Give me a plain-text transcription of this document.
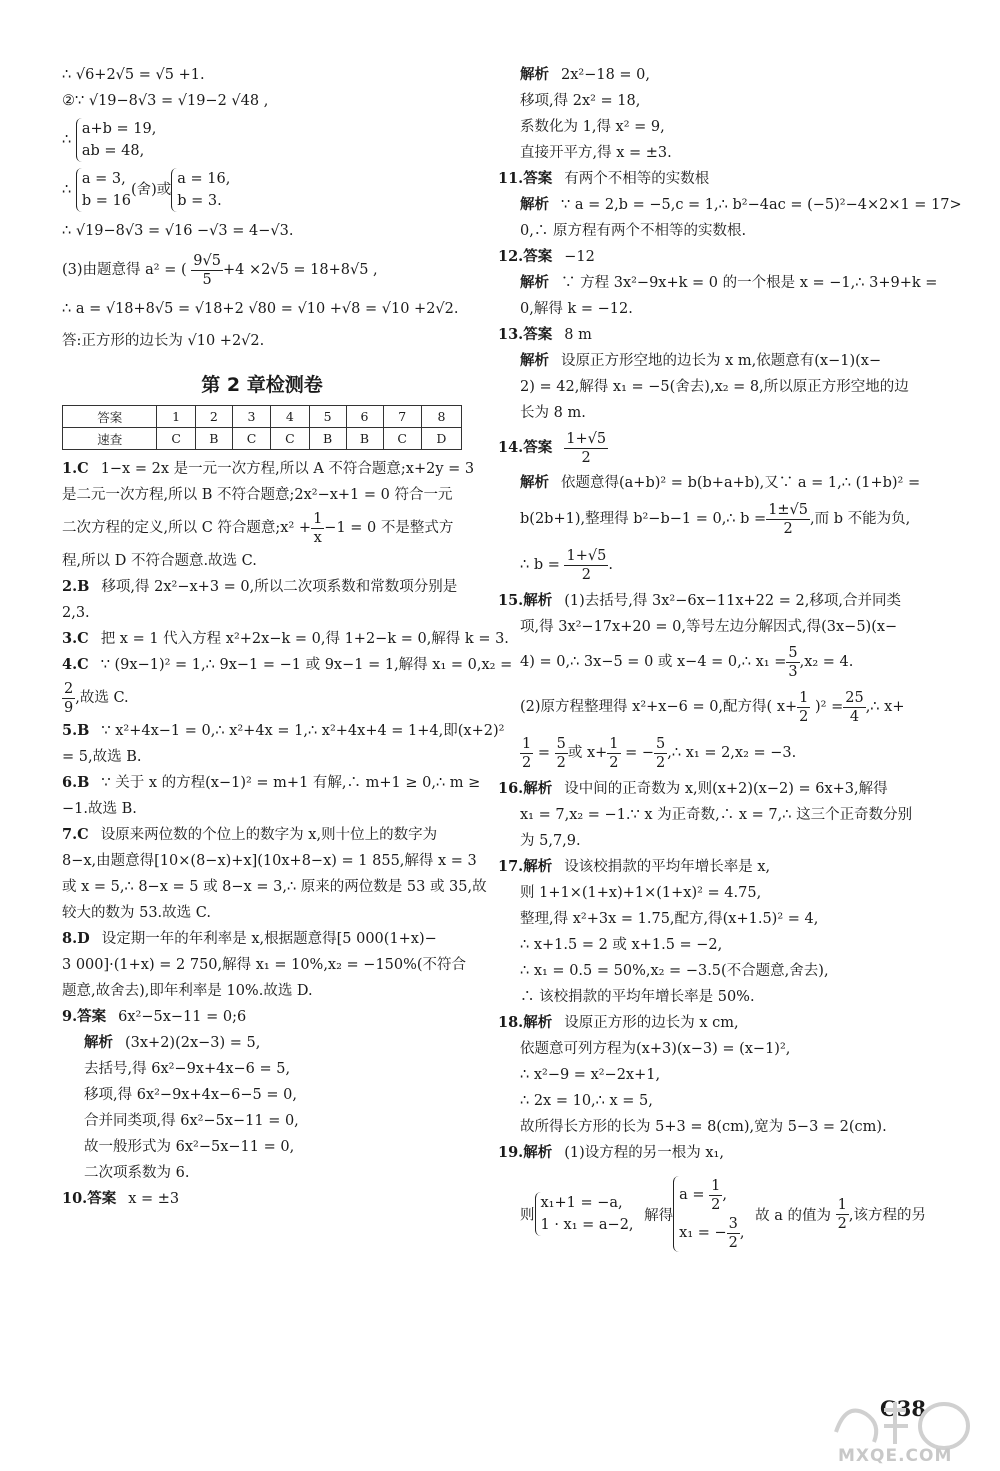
∴ √6+2√5 = √5 +1.
②∵ √19−8√3 = √19−2 √48 ,
∴ a+b = 19,
ab = 48,
∴ a = 3,
b = 16(舍)或a = 16,
b = 3.
∴ √19−8√3 = √16 −√3 = 4−√3.
(3)由题意得 a² = ( $\frac{9√5}{5} +4 \times 2√5 = 18+8√5$ ,
∴ a = √18+8√5 = √18+2 √80 = √10 +√8 = √10 +2√2.
答:正方形的边长为 √10 +2√2.
第 2 章检测卷
答案	1	2	3	4	5	6	7	8
速查	C	B	C	C	B	B	C	D
1.C 1−x = 2x 是一元一次方程,所以 A 不符合题意;x+2y = 3
是二元一次方程,所以 B 不符合题意;2x²−x+1 = 0 符合一元
二次方程的定义,所以 C 符合题意;x² + $\frac{1}{x} -1 = 0$ 不是整式方
程,所以 D 不符合题意.故选 C.
2.B 移项,得 2x²−x+3 = 0,所以二次项系数和常数项分别是
2,3.
3.C 把 x = 1 代入方程 x²+2x−k = 0,得 1+2−k = 0,解得 k = 3.
4.C ∵ (9x−1)² = 1,∴ 9x−1 = −1 或 9x−1 = 1,解得 x₁ = 0,x₂ =
$\frac{2}{9}$ ,故选 C.
5.B ∵ x²+4x−1 = 0,∴ x²+4x = 1,∴ x²+4x+4 = 1+4,即(x+2)²
= 5,故选 B.
6.B ∵ 关于 x 的方程(x−1)² = m+1 有解,∴ m+1 ≥ 0,∴ m ≥
−1.故选 B.
7.C 设原来两位数的个位上的数字为 x,则十位上的数字为
8−x,由题意得[10×(8−x)+x](10x+8−x) = 1 855,解得 x = 3
或 x = 5,∴ 8−x = 5 或 8−x = 3,∴ 原来的两位数是 53 或 35,故
较大的数为 53.故选 C.
8.D 设定期一年的年利率是 x,根据题意得[5 000(1+x)−
3 000]·(1+x) = 2 750,解得 x₁ = 10%,x₂ = −150%(不符合
题意,故舍去),即年利率是 10%.故选 D.
9.答案 6x²−5x−11 = 0;6
解析 (3x+2)(2x−3) = 5,
去括号,得 6x²−9x+4x−6 = 5,
移项,得 6x²−9x+4x−6−5 = 0,
合并同类项,得 6x²−5x−11 = 0,
故一般形式为 6x²−5x−11 = 0,
二次项系数为 6.
10.答案 x = ±3
解析 2x²−18 = 0,
移项,得 2x² = 18,
系数化为 1,得 x² = 9,
直接开平方,得 x = ±3.
11.答案 有两个不相等的实数根
解析 ∵ a = 2,b = −5,c = 1,∴ b²−4ac = (−5)²−4×2×1 = 17>
0,∴ 原方程有两个不相等的实数根.
12.答案 −12
解析 ∵ 方程 3x²−9x+k = 0 的一个根是 x = −1,∴ 3+9+k =
0,解得 k = −12.
13.答案 8 m
解析 设原正方形空地的边长为 x m,依题意有(x−1)(x−
2) = 42,解得 x₁ = −5(舍去),x₂ = 8,所以原正方形空地的边
长为 8 m.
14.答案 $\frac{1+√5}{2}$
解析 依题意得(a+b)² = b(b+a+b),又∵ a = 1,∴ (1+b)² =
b(2b+1),整理得 b²−b−1 = 0,∴ $b = \frac{1\pm√5}{2}$ ,而 b 不能为负,
∴ $b = \frac{1+√5}{2}$ .
15.解析 (1)去括号,得 3x²−6x−11x+22 = 2,移项,合并同类
项,得 3x²−17x+20 = 0,等号左边分解因式,得(3x−5)(x−
4) = 0,∴ 3x−5 = 0 或 x−4 = 0,∴ $x_1 = \frac{5}{3} ,x_2 = 4$.
(2)原方程整理得 x²+x−6 = 0,配方得( $x+ \frac{1}{2} )^2 = \frac{25}{4}$ ,∴ x+
$\frac{1}{2} = \frac{5}{2}$ 或 $x+ \frac{1}{2}$ = − $\frac{5}{2}$ ,∴ x₁ = 2,x₂ = −3.
16.解析 设中间的正奇数为 x,则(x+2)(x−2) = 6x+3,解得
x₁ = 7,x₂ = −1.∵ x 为正奇数,∴ x = 7,∴ 这三个正奇数分别
为 5,7,9.
17.解析 设该校捐款的平均年增长率是 x,
则 1+1×(1+x)+1×(1+x)² = 4.75,
整理,得 x²+3x = 1.75,配方,得(x+1.5)² = 4,
∴ x+1.5 = 2 或 x+1.5 = −2,
∴ x₁ = 0.5 = 50%,x₂ = −3.5(不合题意,舍去),
∴ 该校捐款的平均年增长率是 50%.
18.解析 设原正方形的边长为 x cm,
依题意可列方程为(x+3)(x−3) = (x−1)²,
∴ x²−9 = x²−2x+1,
∴ 2x = 10,∴ x = 5,
故所得长方形的长为 5+3 = 8(cm),宽为 5−3 = 2(cm).
19.解析 (1)设方程的另一根为 x₁,
则x₁+1 = −a,
1 · x₁ = a−2, 解得$a = \frac{1}{2}$ ,
x₁ = − $\frac{3}{2}$ , 故 a 的值为 $\frac{1}{2}$ ,该方程的另
C38
MXQE.COM
